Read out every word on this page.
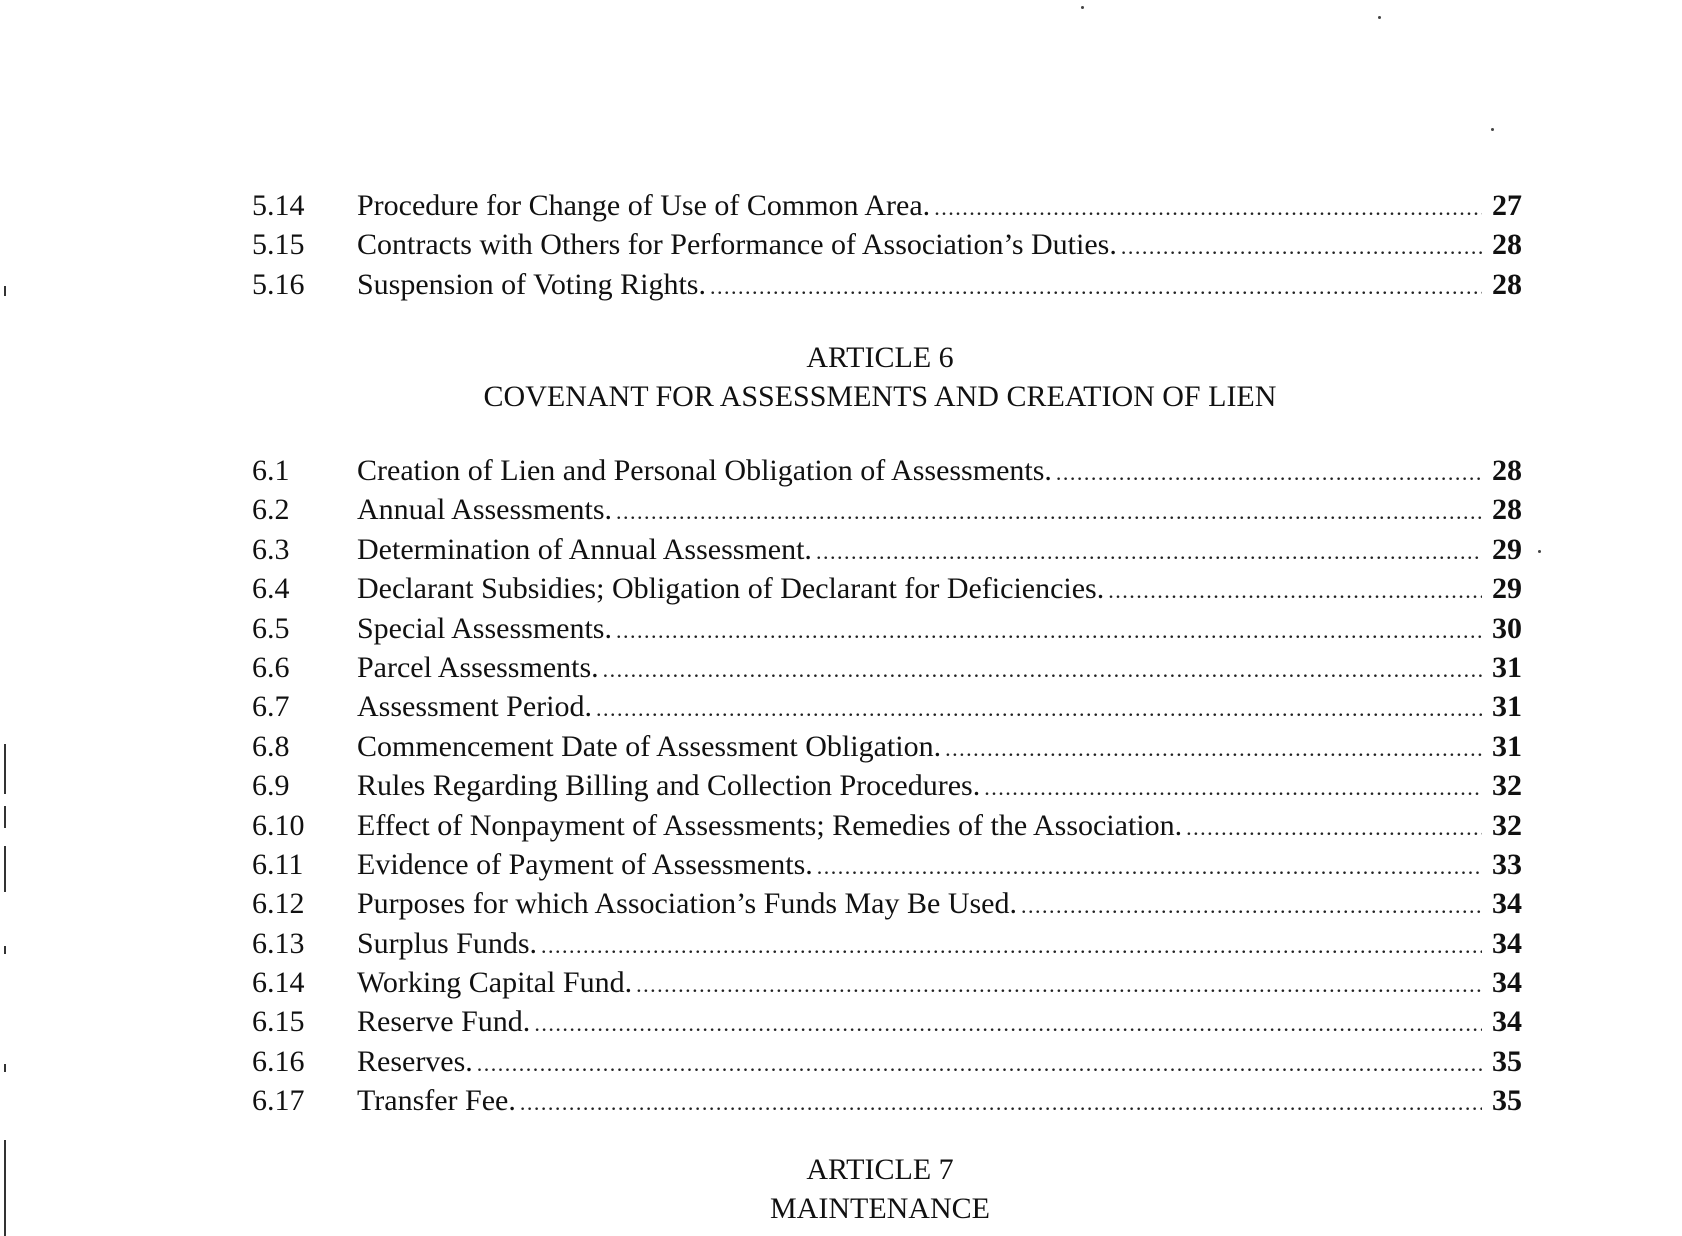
5.14	Procedure for Change of Use of Common Area. .....	27
5.15	Contracts with Others for Performance of Association’s Duties. .....	28
5.16	Suspension of Voting Rights. .....	28
ARTICLE 6
COVENANT FOR ASSESSMENTS AND CREATION OF LIEN
6.1	Creation of Lien and Personal Obligation of Assessments. .....	28
6.2	Annual Assessments. .....	28
6.3	Determination of Annual Assessment. .....	29
6.4	Declarant Subsidies; Obligation of Declarant for Deficiencies. .....	29
6.5	Special Assessments. .....	30
6.6	Parcel Assessments. .....	31
6.7	Assessment Period. .....	31
6.8	Commencement Date of Assessment Obligation. .....	31
6.9	Rules Regarding Billing and Collection Procedures. .....	32
6.10	Effect of Nonpayment of Assessments; Remedies of the Association. .....	32
6.11	Evidence of Payment of Assessments. .....	33
6.12	Purposes for which Association’s Funds May Be Used. .....	34
6.13	Surplus Funds. .....	34
6.14	Working Capital Fund. .....	34
6.15	Reserve Fund. .....	34
6.16	Reserves. .....	35
6.17	Transfer Fee. .....	35
ARTICLE 7
MAINTENANCE
